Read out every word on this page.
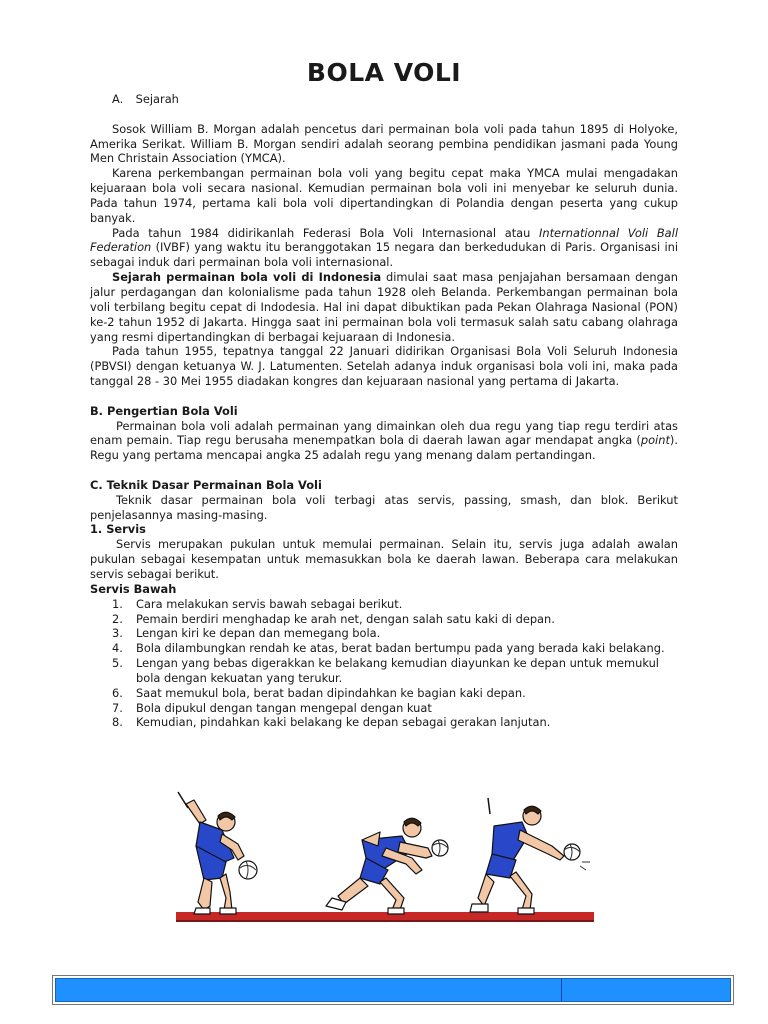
BOLA VOLI

A. Sejarah

Sosok William B. Morgan adalah pencetus dari permainan bola voli pada tahun 1895 di Holyoke, Amerika Serikat. William B. Morgan sendiri adalah seorang pembina pendidikan jasmani pada Young Men Christain Association (YMCA).

Karena perkembangan permainan bola voli yang begitu cepat maka YMCA mulai mengadakan kejuaraan bola voli secara nasional. Kemudian permainan bola voli ini menyebar ke seluruh dunia. Pada tahun 1974, pertama kali bola voli dipertandingkan di Polandia dengan peserta yang cukup banyak.

Pada tahun 1984 didirikanlah Federasi Bola Voli Internasional atau Internationnal Voli Ball Federation (IVBF) yang waktu itu beranggotakan 15 negara dan berkedudukan di Paris. Organisasi ini sebagai induk dari permainan bola voli internasional.

Sejarah permainan bola voli di Indonesia dimulai saat masa penjajahan bersamaan dengan jalur perdagangan dan kolonialisme pada tahun 1928 oleh Belanda. Perkembangan permainan bola voli terbilang begitu cepat di Indodesia. Hal ini dapat dibuktikan pada Pekan Olahraga Nasional (PON) ke-2 tahun 1952 di Jakarta. Hingga saat ini permainan bola voli termasuk salah satu cabang olahraga yang resmi dipertandingkan di berbagai kejuaraan di Indonesia.

Pada tahun 1955, tepatnya tanggal 22 Januari didirikan Organisasi Bola Voli Seluruh Indonesia (PBVSI) dengan ketuanya W. J. Latumenten. Setelah adanya induk organisasi bola voli ini, maka pada tanggal 28 - 30 Mei 1955 diadakan kongres dan kejuaraan nasional yang pertama di Jakarta.

B. Pengertian Bola Voli

Permainan bola voli adalah permainan yang dimainkan oleh dua regu yang tiap regu terdiri atas enam pemain. Tiap regu berusaha menempatkan bola di daerah lawan agar mendapat angka (point). Regu yang pertama mencapai angka 25 adalah regu yang menang dalam pertandingan.

C. Teknik Dasar Permainan Bola Voli

Teknik dasar permainan bola voli terbagi atas servis, passing, smash, dan blok. Berikut penjelasannya masing-masing.

1. Servis

Servis merupakan pukulan untuk memulai permainan. Selain itu, servis juga adalah awalan pukulan sebagai kesempatan untuk memasukkan bola ke daerah lawan. Beberapa cara melakukan servis sebagai berikut.

Servis Bawah

1. Cara melakukan servis bawah sebagai berikut.
2. Pemain berdiri menghadap ke arah net, dengan salah satu kaki di depan.
3. Lengan kiri ke depan dan memegang bola.
4. Bola dilambungkan rendah ke atas, berat badan bertumpu pada yang berada kaki belakang.
5. Lengan yang bebas digerakkan ke belakang kemudian diayunkan ke depan untuk memukul bola dengan kekuatan yang terukur.
6. Saat memukul bola, berat badan dipindahkan ke bagian kaki depan.
7. Bola dipukul dengan tangan mengepal dengan kuat
8. Kemudian, pindahkan kaki belakang ke depan sebagai gerakan lanjutan.
